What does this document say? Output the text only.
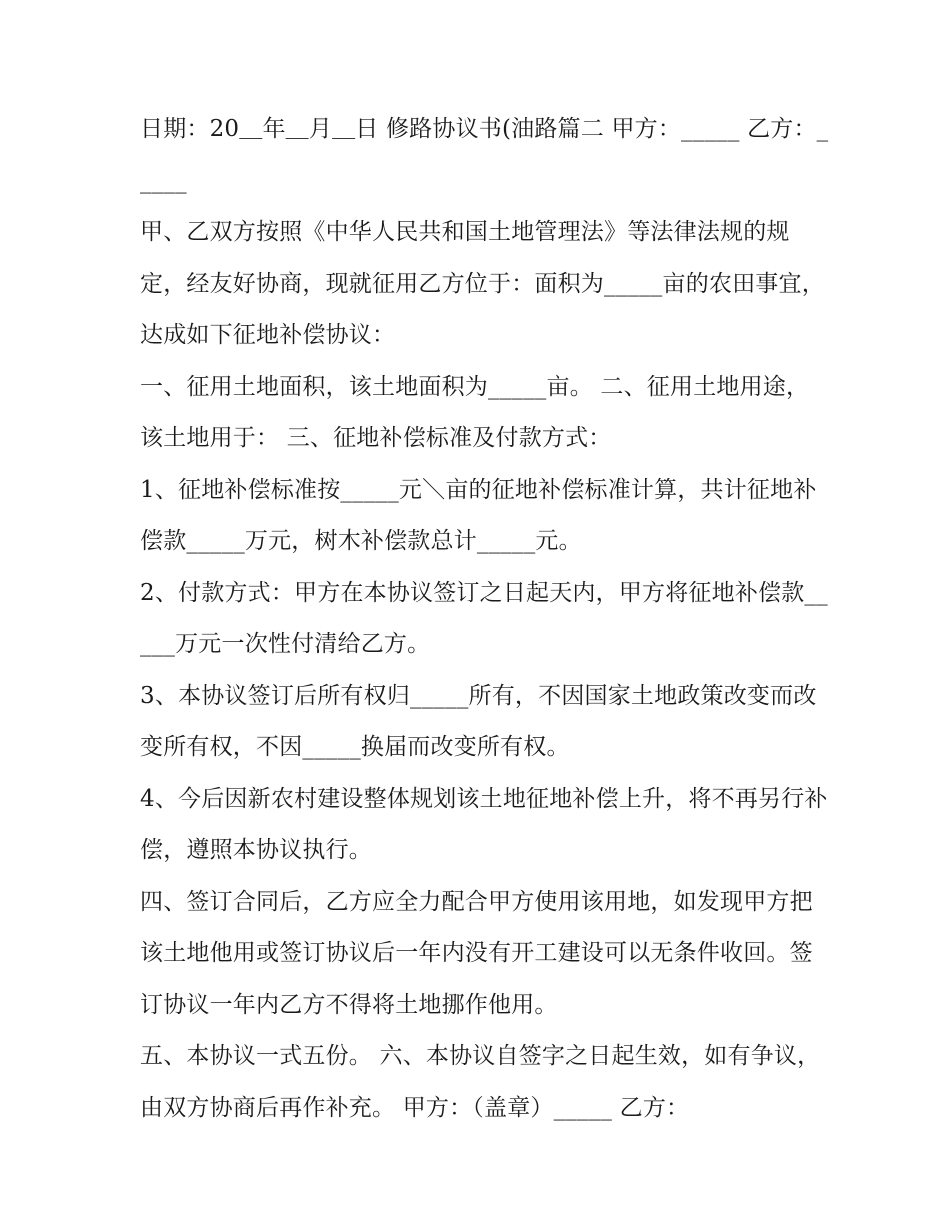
日期：20＿年＿月＿日 修路协议书(油路篇二 甲方：_____ 乙方：_____

甲、乙双方按照《中华人民共和国土地管理法》等法律法规的规定，经友好协商，现就征用乙方位于：面积为_____亩的农田事宜，达成如下征地补偿协议：

一、征用土地面积，该土地面积为_____亩。 二、征用土地用途，该土地用于： 三、征地补偿标准及付款方式：

1、征地补偿标准按_____元＼亩的征地补偿标准计算，共计征地补偿款_____万元，树木补偿款总计_____元。

2、付款方式：甲方在本协议签订之日起天内，甲方将征地补偿款_____万元一次性付清给乙方。

3、本协议签订后所有权归_____所有，不因国家土地政策改变而改变所有权，不因_____换届而改变所有权。

4、今后因新农村建设整体规划该土地征地补偿上升，将不再另行补偿，遵照本协议执行。

四、签订合同后，乙方应全力配合甲方使用该用地，如发现甲方把该土地他用或签订协议后一年内没有开工建设可以无条件收回。签订协议一年内乙方不得将土地挪作他用。

五、本协议一式五份。 六、本协议自签字之日起生效，如有争议，由双方协商后再作补充。 甲方：（盖章）_____ 乙方：
